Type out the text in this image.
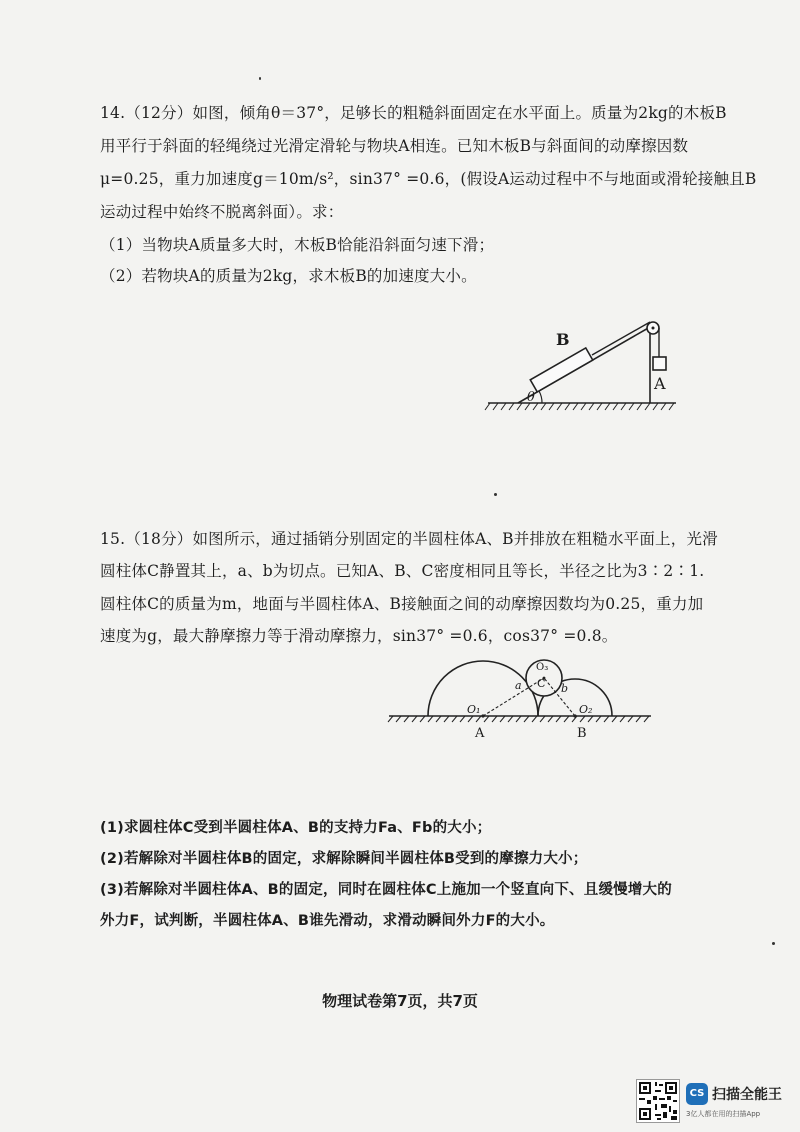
14.（12分）如图，倾角θ＝37°，足够长的粗糙斜面固定在水平面上。质量为2kg的木板B
用平行于斜面的轻绳绕过光滑定滑轮与物块A相连。已知木板B与斜面间的动摩擦因数
μ=0.25，重力加速度g＝10m/s²，sin37° =0.6，(假设A运动过程中不与地面或滑轮接触且B
运动过程中始终不脱离斜面）。求：
（1）当物块A质量多大时，木板B恰能沿斜面匀速下滑；
（2）若物块A的质量为2kg，求木板B的加速度大小。
θ
B
A
15.（18分）如图所示，通过插销分别固定的半圆柱体A、B并排放在粗糙水平面上，光滑
圆柱体C静置其上，a、b为切点。已知A、B、C密度相同且等长，半径之比为3∶2∶1.
圆柱体C的质量为m，地面与半圆柱体A、B接触面之间的动摩擦因数均为0.25，重力加
速度为g，最大静摩擦力等于滑动摩擦力，sin37° =0.6，cos37° =0.8。
O₃
C
a	b
O₁	O₂
A	B
(1)求圆柱体C受到半圆柱体A、B的支持力Fa、Fb的大小；
(2)若解除对半圆柱体B的固定，求解除瞬间半圆柱体B受到的摩擦力大小；
(3)若解除对半圆柱体A、B的固定，同时在圆柱体C上施加一个竖直向下、且缓慢增大的
外力F，试判断，半圆柱体A、B谁先滑动，求滑动瞬间外力F的大小。
物理试卷第7页，共7页
CS 扫描全能王
3亿人都在用的扫描App
